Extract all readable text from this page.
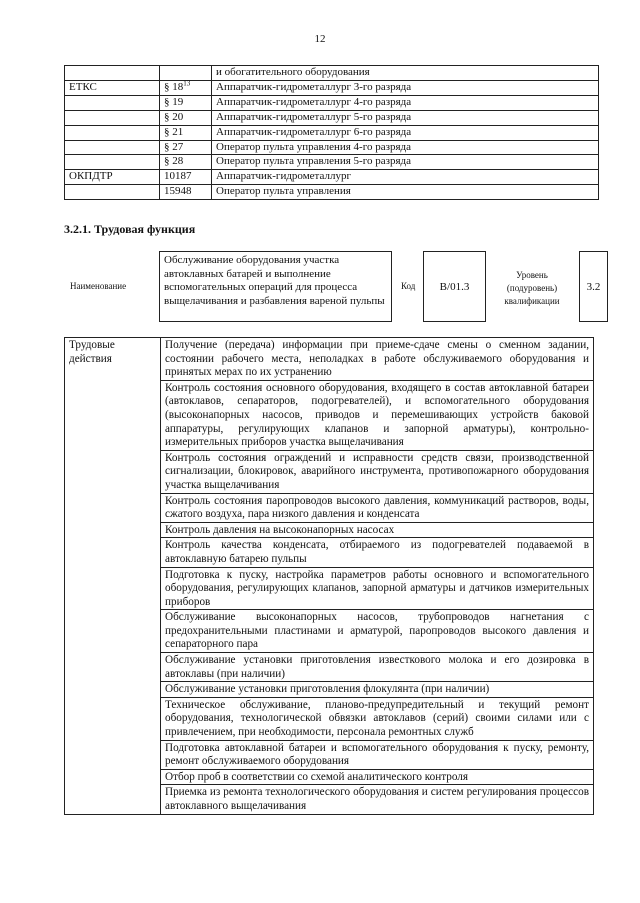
12
		и обогатительного оборудования
ЕТКС	§ $18^{13}$	Аппаратчик-гидрометаллург 3-го разряда
	§ 19	Аппаратчик-гидрометаллург 4-го разряда
	§ 20	Аппаратчик-гидрометаллург 5-го разряда
	§ 21	Аппаратчик-гидрометаллург 6-го разряда
	§ 27	Оператор пульта управления 4-го разряда
	§ 28	Оператор пульта управления 5-го разряда
ОКПДТР	10187	Аппаратчик-гидрометаллург
	15948	Оператор пульта управления
3.2.1. Трудовая функция
Наименование
Обслуживание оборудования участка автоклавных батарей и выполнение вспомогательных операций для процесса выщелачивания и разбавления вареной пульпы
Код	В/01.3
Уровень (подуровень) квалификации
3.2
Трудовые действия	Получение (передача) информации при приеме-сдаче смены о сменном задании, состоянии рабочего места, неполадках в работе обслуживаемого оборудования и принятых мерах по их устранению
Контроль состояния основного оборудования, входящего в состав автоклавной батареи (автоклавов, сепараторов, подогревателей), и вспомогательного оборудования (высоконапорных насосов, приводов и перемешивающих устройств баковой аппаратуры, регулирующих клапанов и запорной арматуры), контрольно-измерительных приборов участка выщелачивания
Контроль состояния ограждений и исправности средств связи, производственной сигнализации, блокировок, аварийного инструмента, противопожарного оборудования участка выщелачивания
Контроль состояния паропроводов высокого давления, коммуникаций растворов, воды, сжатого воздуха, пара низкого давления и конденсата
Контроль давления на высоконапорных насосах
Контроль качества конденсата, отбираемого из подогревателей подаваемой в автоклавную батарею пульпы
Подготовка к пуску, настройка параметров работы основного и вспомогательного оборудования, регулирующих клапанов, запорной арматуры и датчиков измерительных приборов
Обслуживание высоконапорных насосов, трубопроводов нагнетания с предохранительными пластинами и арматурой, паропроводов высокого давления и сепараторного пара
Обслуживание установки приготовления известкового молока и его дозировка в автоклавы (при наличии)
Обслуживание установки приготовления флокулянта (при наличии)
Техническое обслуживание, планово-предупредительный и текущий ремонт оборудования, технологической обвязки автоклавов (серий) своими силами или с привлечением, при необходимости, персонала ремонтных служб
Подготовка автоклавной батареи и вспомогательного оборудования к пуску, ремонту, ремонт обслуживаемого оборудования
Отбор проб в соответствии со схемой аналитического контроля
Приемка из ремонта технологического оборудования и систем регулирования процессов автоклавного выщелачивания
